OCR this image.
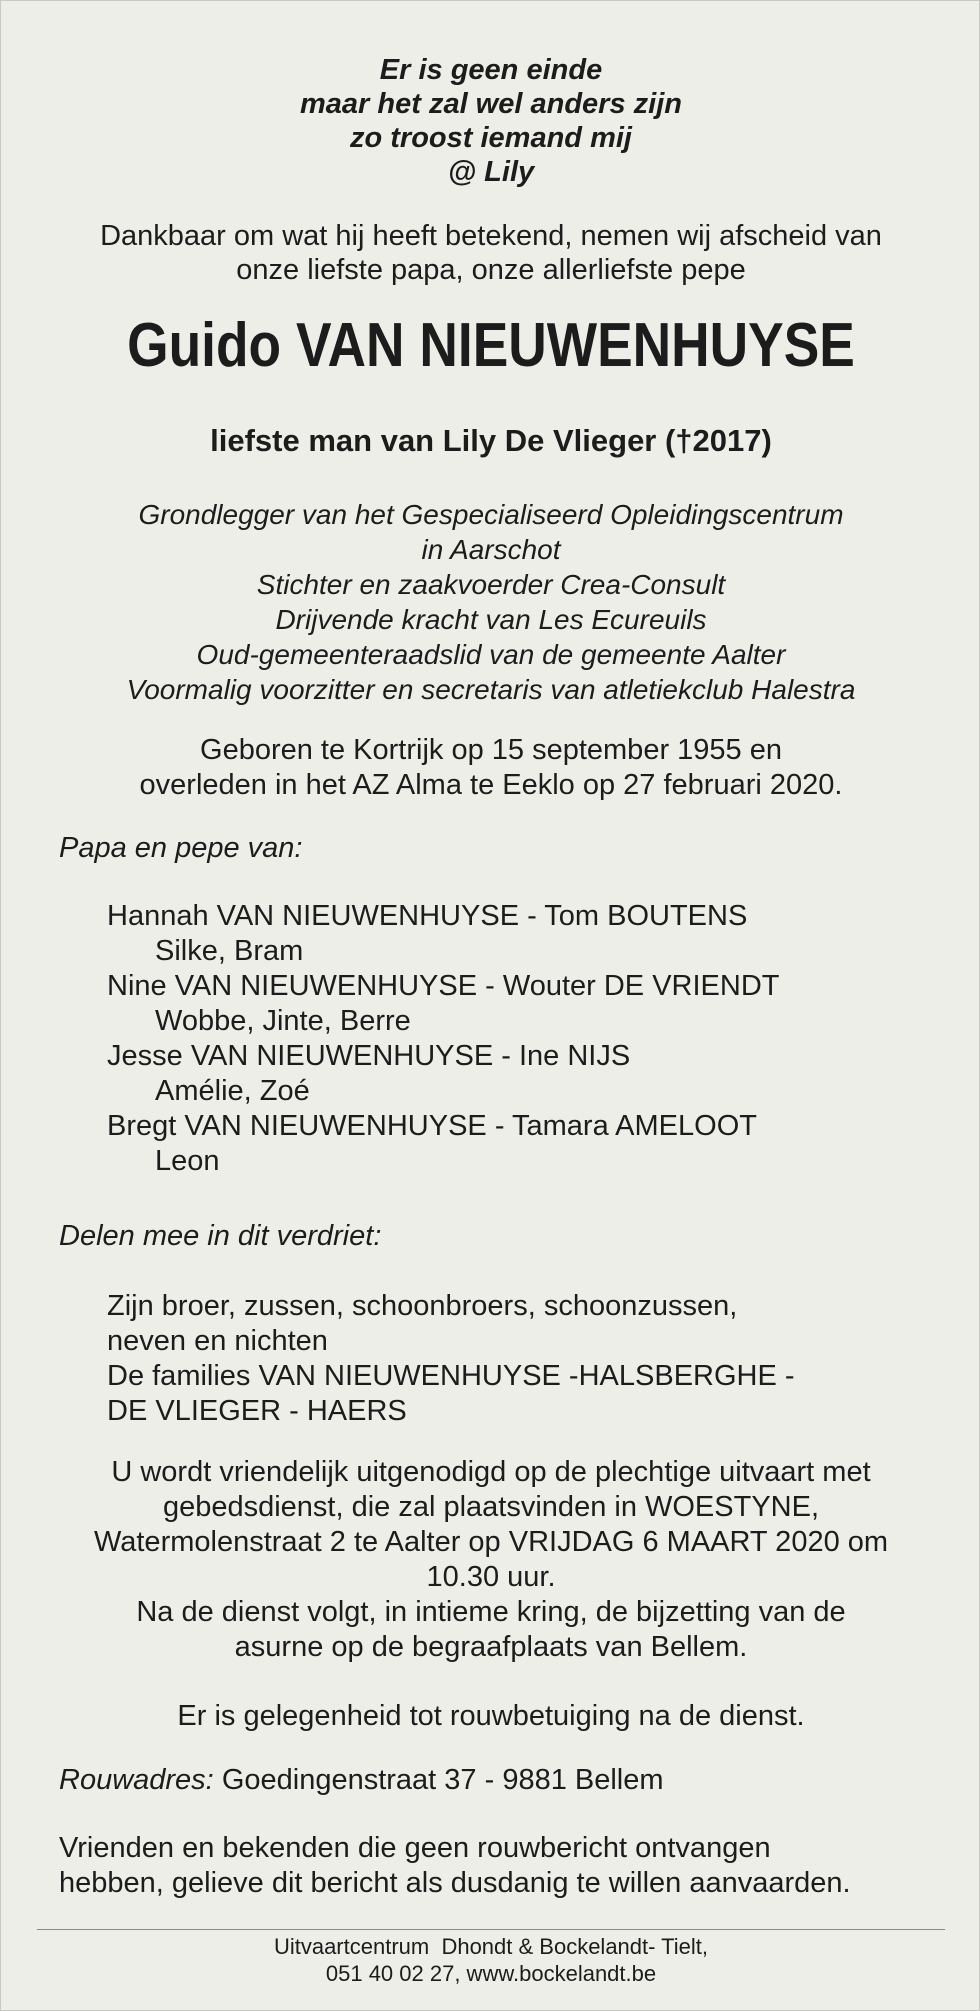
Er is geen einde
maar het zal wel anders zijn
zo troost iemand mij
@ Lily
Dankbaar om wat hij heeft betekend, nemen wij afscheid van
onze liefste papa, onze allerliefste pepe
Guido VAN NIEUWENHUYSE
liefste man van Lily De Vlieger (†2017)
Grondlegger van het Gespecialiseerd Opleidingscentrum
in Aarschot
Stichter en zaakvoerder Crea-Consult
Drijvende kracht van Les Ecureuils
Oud-gemeenteraadslid van de gemeente Aalter
Voormalig voorzitter en secretaris van atletiekclub Halestra
Geboren te Kortrijk op 15 september 1955 en
overleden in het AZ Alma te Eeklo op 27 februari 2020.
Papa en pepe van:
Hannah VAN NIEUWENHUYSE - Tom BOUTENS
Silke, Bram
Nine VAN NIEUWENHUYSE - Wouter DE VRIENDT
Wobbe, Jinte, Berre
Jesse VAN NIEUWENHUYSE - Ine NIJS
Amélie, Zoé
Bregt VAN NIEUWENHUYSE - Tamara AMELOOT
Leon
Delen mee in dit verdriet:
Zijn broer, zussen, schoonbroers, schoonzussen,
neven en nichten
De families VAN NIEUWENHUYSE -HALSBERGHE -
DE VLIEGER - HAERS
U wordt vriendelijk uitgenodigd op de plechtige uitvaart met
gebedsdienst, die zal plaatsvinden in WOESTYNE,
Watermolenstraat 2 te Aalter op VRIJDAG 6 MAART 2020 om
10.30 uur.
Na de dienst volgt, in intieme kring, de bijzetting van de
asurne op de begraafplaats van Bellem.
Er is gelegenheid tot rouwbetuiging na de dienst.
Rouwadres: Goedingenstraat 37 - 9881 Bellem
Vrienden en bekenden die geen rouwbericht ontvangen
hebben, gelieve dit bericht als dusdanig te willen aanvaarden.
Uitvaartcentrum  Dhondt & Bockelandt- Tielt,
051 40 02 27, www.bockelandt.be
